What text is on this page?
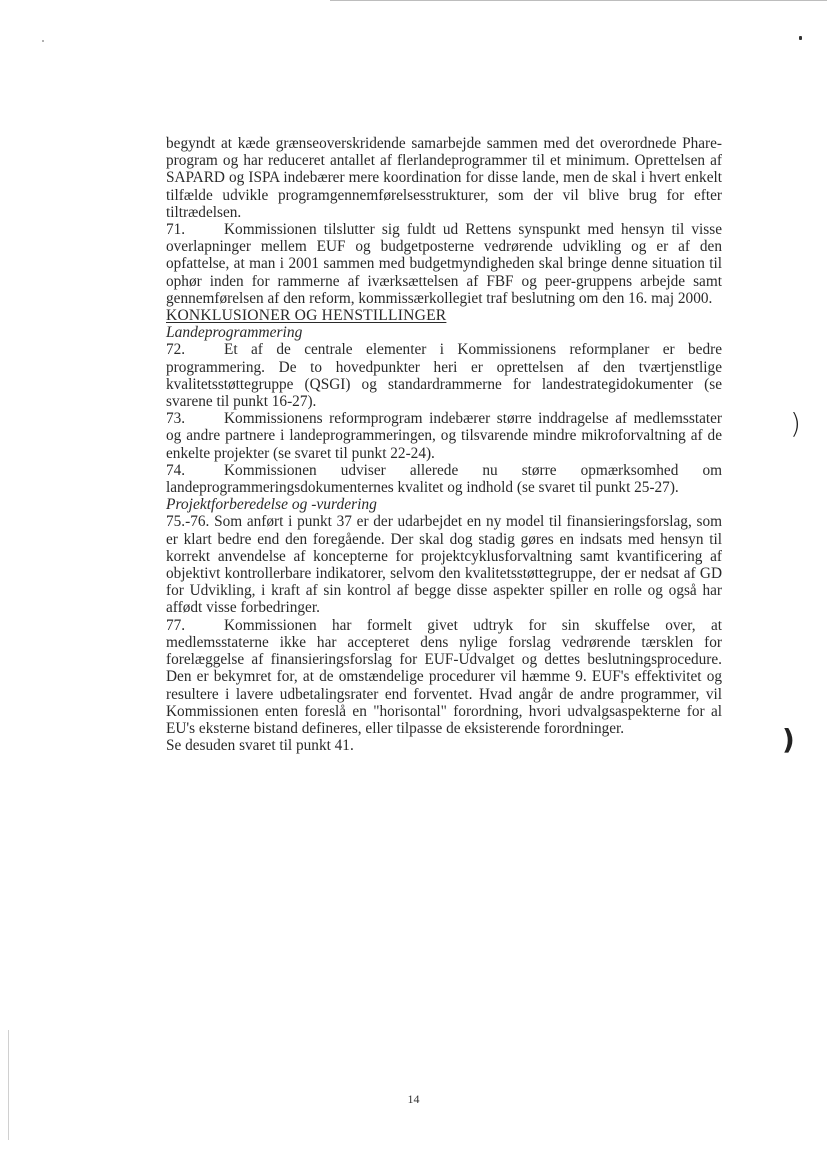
)
)

begyndt at kæde grænseoverskridende samarbejde sammen med det overordnede Phare-program og har reduceret antallet af flerlandeprogrammer til et minimum. Oprettelsen af SAPARD og ISPA indebærer mere koordination for disse lande, men de skal i hvert enkelt tilfælde udvikle programgennemførelsesstrukturer, som der vil blive brug for efter tiltrædelsen.

71.	Kommissionen tilslutter sig fuldt ud Rettens synspunkt med hensyn til visse overlapninger mellem EUF og budgetposterne vedrørende udvikling og er af den opfattelse, at man i 2001 sammen med budgetmyndigheden skal bringe denne situation til ophør inden for rammerne af iværksættelsen af FBF og peer-gruppens arbejde samt gennemførelsen af den reform, kommissærkollegiet traf beslutning om den 16. maj 2000.

KONKLUSIONER OG HENSTILLINGER

Landeprogrammering

72.	Et af de centrale elementer i Kommissionens reformplaner er bedre programmering. De to hovedpunkter heri er oprettelsen af den tværtjenstlige kvalitetsstøttegruppe (QSGI) og standardrammerne for landestrategidokumenter (se svarene til punkt 16-27).

73.	Kommissionens reformprogram indebærer større inddragelse af medlemsstater og andre partnere i landeprogrammeringen, og tilsvarende mindre mikroforvaltning af de enkelte projekter (se svaret til punkt 22-24).

74.	Kommissionen udviser allerede nu større opmærksomhed om landeprogrammeringsdokumenternes kvalitet og indhold (se svaret til punkt 25-27).

Projektforberedelse og -vurdering

75.-76. Som anført i punkt 37 er der udarbejdet en ny model til finansieringsforslag, som er klart bedre end den foregående. Der skal dog stadig gøres en indsats med hensyn til korrekt anvendelse af koncepterne for projektcyklusforvaltning samt kvantificering af objektivt kontrollerbare indikatorer, selvom den kvalitetsstøttegruppe, der er nedsat af GD for Udvikling, i kraft af sin kontrol af begge disse aspekter spiller en rolle og også har affødt visse forbedringer.

77.	Kommissionen har formelt givet udtryk for sin skuffelse over, at medlemsstaterne ikke har accepteret dens nylige forslag vedrørende tærsklen for forelæggelse af finansieringsforslag for EUF-Udvalget og dettes beslutningsprocedure. Den er bekymret for, at de omstændelige procedurer vil hæmme 9. EUF's effektivitet og resultere i lavere udbetalingsrater end forventet. Hvad angår de andre programmer, vil Kommissionen enten foreslå en "horisontal" forordning, hvori udvalgsaspekterne for al EU's eksterne bistand defineres, eller tilpasse de eksisterende forordninger.

Se desuden svaret til punkt 41.

14
